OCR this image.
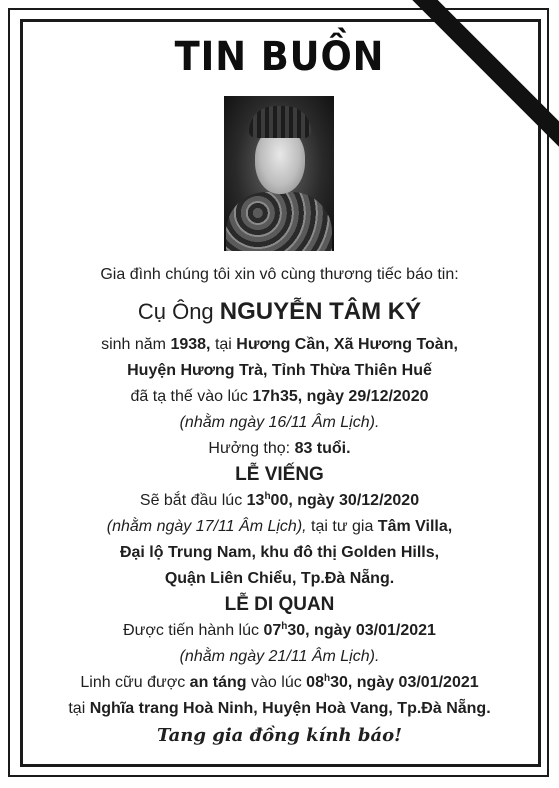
TIN BUỒN
Gia đình chúng tôi xin vô cùng thương tiếc báo tin:
Cụ Ông NGUYỄN TÂM KÝ
sinh năm 1938, tại Hương Cần, Xã Hương Toàn,
Huyện Hương Trà, Tỉnh Thừa Thiên Huế
đã tạ thế vào lúc 17h35, ngày 29/12/2020
(nhằm ngày 16/11 Âm Lịch).
Hưởng thọ: 83 tuổi.
LỄ VIẾNG
Sẽ bắt đầu lúc 13$^h$00, ngày 30/12/2020
(nhằm ngày 17/11 Âm Lịch), tại tư gia Tâm Villa,
Đại lộ Trung Nam, khu đô thị Golden Hills,
Quận Liên Chiểu, Tp.Đà Nẵng.
LỄ DI QUAN
Được tiến hành lúc 07$^h$30, ngày 03/01/2021
(nhằm ngày 21/11 Âm Lịch).
Linh cữu được an táng vào lúc 08$^h$30, ngày 03/01/2021
tại Nghĩa trang Hoà Ninh, Huyện Hoà Vang, Tp.Đà Nẵng.
Tang gia đồng kính báo!
